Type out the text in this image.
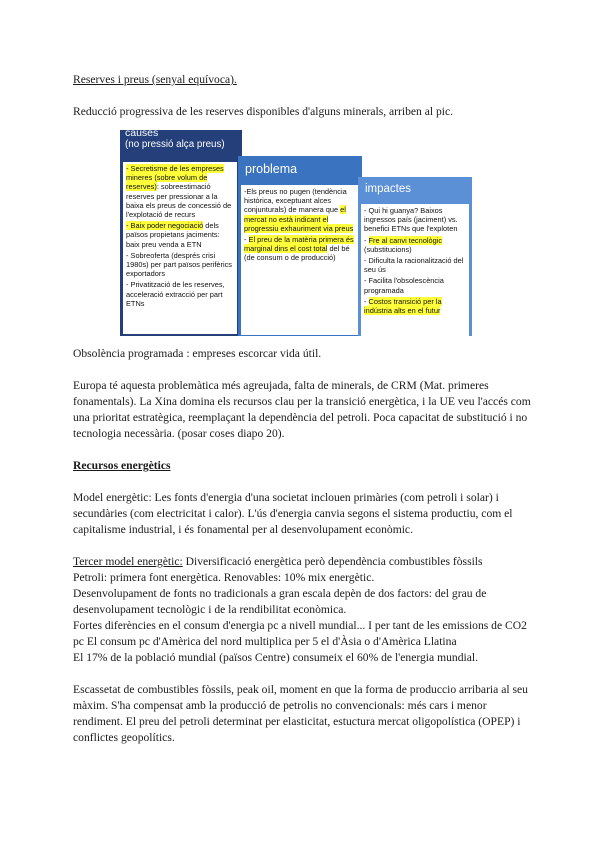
Reserves i preus (senyal equívoca).
Reducció progressiva de les reserves disponibles d'alguns minerals, arriben al pic.
causes
(no pressió alça preus)
- Secretisme de les empreses mineres (sobre volum de reserves): sobreestimació reserves per pressionar a la baixa els preus de concessió de l'explotació de recurs
- Baix poder negociació dels països propietans jaciments: baix preu venda a ETN
- Sobreoferta (després crisi 1980s) per part països perifèrics exportadors
- Privatització de les reserves, acceleració extracció per part ETNs
problema
-Els preus no pugen (tendència històrica, exceptuant alces conjunturals) de manera que el mercat no està indicant el progressiu exhauriment via preus
- El preu de la matèria primera és marginal dins el cost total del bé (de consum o de producció)
impactes
- Qui hi guanya? Baixos ingressos país (jaciment) vs. benefici ETNs que l'exploten
- Fre al canvi tecnològic (substitucions)
- Dificulta la racionalització del seu ús
- Facilita l'obsolescència programada
- Costos transició per la indústria alts en el futur
Obsolència programada : empreses escorcar vida útil.
Europa té aquesta problemàtica més agreujada, falta de minerals, de CRM (Mat. primeres fonamentals). La Xina domina els recursos clau per la transició energètica, i la UE veu l'accés com una prioritat estratègica, reemplaçant la dependència del petroli. Poca capacitat de substitució i no tecnologia necessària. (posar coses diapo 20).
Recursos energètics
Model energètic: Les fonts d'energia d'una societat inclouen primàries (com petroli i solar) i secundàries (com electricitat i calor). L'ús d'energia canvia segons el sistema productiu, com el capitalisme industrial, i és fonamental per al desenvolupament econòmic.
Tercer model energètic: Diversificació energètica però dependència combustibles fòssils
Petroli: primera font energètica. Renovables: 10% mix energètic.
Desenvolupament de fonts no tradicionals a gran escala depèn de dos factors: del grau de desenvolupament tecnològic i de la rendibilitat econòmica.
Fortes diferències en el consum d'energia pc a nivell mundial... I per tant de les emissions de CO2 pc El consum pc d'Amèrica del nord multiplica per 5 el d'Àsia o d'Amèrica Llatina
El 17% de la població mundial (països Centre) consumeix el 60% de l'energia mundial.
Escassetat de combustibles fòssils, peak oil, moment en que la forma de produccio arribaria al seu màxim. S'ha compensat amb la producció de petrolis no convencionals: més cars i menor rendiment. El preu del petroli determinat per elasticitat, estuctura mercat oligopolística (OPEP) i conflictes geopolítics.
